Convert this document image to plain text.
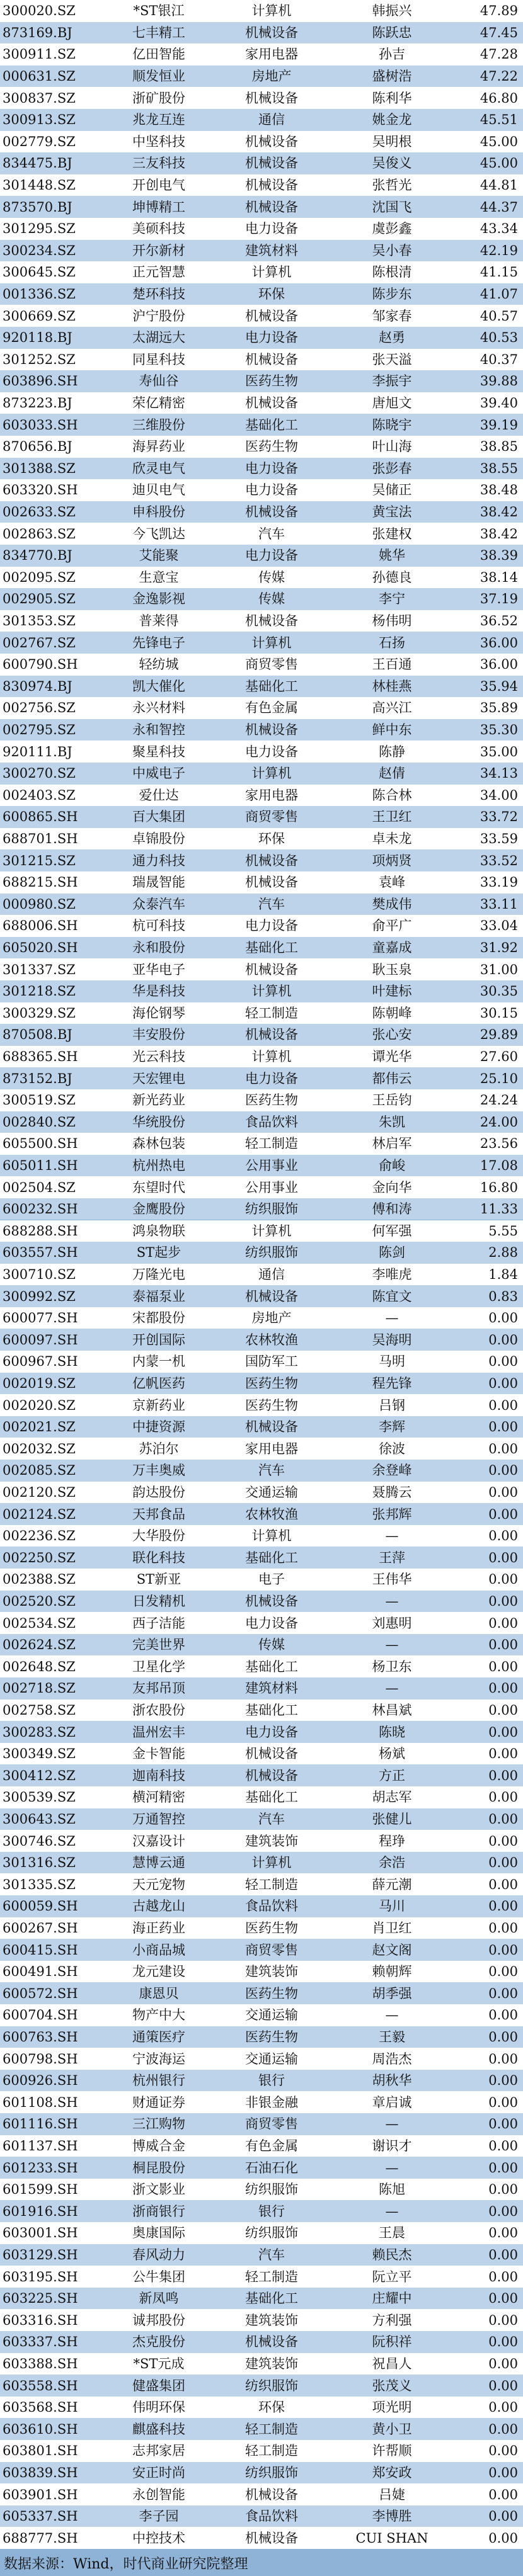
300020.SZ	*ST银江	计算机	韩振兴	47.89
873169.BJ	七丰精工	机械设备	陈跃忠	47.45
300911.SZ	亿田智能	家用电器	孙吉	47.28
000631.SZ	顺发恒业	房地产	盛树浩	47.22
300837.SZ	浙矿股份	机械设备	陈利华	46.80
300913.SZ	兆龙互连	通信	姚金龙	45.51
002779.SZ	中坚科技	机械设备	吴明根	45.00
834475.BJ	三友科技	机械设备	吴俊义	45.00
301448.SZ	开创电气	机械设备	张哲光	44.81
873570.BJ	坤博精工	机械设备	沈国飞	44.37
301295.SZ	美硕科技	电力设备	虞彭鑫	43.34
300234.SZ	开尔新材	建筑材料	吴小春	42.19
300645.SZ	正元智慧	计算机	陈根清	41.15
001336.SZ	楚环科技	环保	陈步东	41.07
300669.SZ	沪宁股份	机械设备	邹家春	40.57
920118.BJ	太湖远大	电力设备	赵勇	40.53
301252.SZ	同星科技	机械设备	张天溢	40.37
603896.SH	寿仙谷	医药生物	李振宇	39.88
873223.BJ	荣亿精密	机械设备	唐旭文	39.40
603033.SH	三维股份	基础化工	陈晓宇	39.19
870656.BJ	海昇药业	医药生物	叶山海	38.85
301388.SZ	欣灵电气	电力设备	张彭春	38.55
603320.SH	迪贝电气	电力设备	吴储正	38.48
002633.SZ	申科股份	机械设备	黄宝法	38.42
002863.SZ	今飞凯达	汽车	张建权	38.42
834770.BJ	艾能聚	电力设备	姚华	38.39
002095.SZ	生意宝	传媒	孙德良	38.14
002905.SZ	金逸影视	传媒	李宁	37.19
301353.SZ	普莱得	机械设备	杨伟明	36.52
002767.SZ	先锋电子	计算机	石扬	36.00
600790.SH	轻纺城	商贸零售	王百通	36.00
830974.BJ	凯大催化	基础化工	林桂燕	35.94
002756.SZ	永兴材料	有色金属	高兴江	35.89
002795.SZ	永和智控	机械设备	鲜中东	35.30
920111.BJ	聚星科技	电力设备	陈静	35.00
300270.SZ	中威电子	计算机	赵倩	34.13
002403.SZ	爱仕达	家用电器	陈合林	34.00
600865.SH	百大集团	商贸零售	王卫红	33.72
688701.SH	卓锦股份	环保	卓未龙	33.59
301215.SZ	通力科技	机械设备	项炳贤	33.52
688215.SH	瑞晟智能	机械设备	袁峰	33.19
000980.SZ	众泰汽车	汽车	樊成伟	33.11
688006.SH	杭可科技	电力设备	俞平广	33.04
605020.SH	永和股份	基础化工	童嘉成	31.92
301337.SZ	亚华电子	机械设备	耿玉泉	31.00
301218.SZ	华是科技	计算机	叶建标	30.35
300329.SZ	海伦钢琴	轻工制造	陈朝峰	30.15
870508.BJ	丰安股份	机械设备	张心安	29.89
688365.SH	光云科技	计算机	谭光华	27.60
873152.BJ	天宏锂电	电力设备	都伟云	25.10
300519.SZ	新光药业	医药生物	王岳钧	24.24
002840.SZ	华统股份	食品饮料	朱凯	24.00
605500.SH	森林包装	轻工制造	林启军	23.56
605011.SH	杭州热电	公用事业	俞峻	17.08
002504.SZ	东望时代	公用事业	金向华	16.80
600232.SH	金鹰股份	纺织服饰	傅和涛	11.33
688288.SH	鸿泉物联	计算机	何军强	5.55
603557.SH	ST起步	纺织服饰	陈剑	2.88
300710.SZ	万隆光电	通信	李唯虎	1.84
300992.SZ	泰福泵业	机械设备	陈宜文	0.83
600077.SH	宋都股份	房地产	—	0.00
600097.SH	开创国际	农林牧渔	吴海明	0.00
600967.SH	内蒙一机	国防军工	马明	0.00
002019.SZ	亿帆医药	医药生物	程先锋	0.00
002020.SZ	京新药业	医药生物	吕钢	0.00
002021.SZ	中捷资源	机械设备	李辉	0.00
002032.SZ	苏泊尔	家用电器	徐波	0.00
002085.SZ	万丰奥威	汽车	余登峰	0.00
002120.SZ	韵达股份	交通运输	聂腾云	0.00
002124.SZ	天邦食品	农林牧渔	张邦辉	0.00
002236.SZ	大华股份	计算机	—	0.00
002250.SZ	联化科技	基础化工	王萍	0.00
002388.SZ	ST新亚	电子	王伟华	0.00
002520.SZ	日发精机	机械设备	—	0.00
002534.SZ	西子洁能	电力设备	刘惠明	0.00
002624.SZ	完美世界	传媒	—	0.00
002648.SZ	卫星化学	基础化工	杨卫东	0.00
002718.SZ	友邦吊顶	建筑材料	—	0.00
002758.SZ	浙农股份	基础化工	林昌斌	0.00
300283.SZ	温州宏丰	电力设备	陈晓	0.00
300349.SZ	金卡智能	机械设备	杨斌	0.00
300412.SZ	迦南科技	机械设备	方正	0.00
300539.SZ	横河精密	基础化工	胡志军	0.00
300643.SZ	万通智控	汽车	张健儿	0.00
300746.SZ	汉嘉设计	建筑装饰	程琤	0.00
301316.SZ	慧博云通	计算机	余浩	0.00
301335.SZ	天元宠物	轻工制造	薛元潮	0.00
600059.SH	古越龙山	食品饮料	马川	0.00
600267.SH	海正药业	医药生物	肖卫红	0.00
600415.SH	小商品城	商贸零售	赵文阁	0.00
600491.SH	龙元建设	建筑装饰	赖朝辉	0.00
600572.SH	康恩贝	医药生物	胡季强	0.00
600704.SH	物产中大	交通运输	—	0.00
600763.SH	通策医疗	医药生物	王毅	0.00
600798.SH	宁波海运	交通运输	周浩杰	0.00
600926.SH	杭州银行	银行	胡秋华	0.00
601108.SH	财通证券	非银金融	章启诚	0.00
601116.SH	三江购物	商贸零售	—	0.00
601137.SH	博威合金	有色金属	谢识才	0.00
601233.SH	桐昆股份	石油石化	—	0.00
601599.SH	浙文影业	纺织服饰	陈旭	0.00
601916.SH	浙商银行	银行	—	0.00
603001.SH	奥康国际	纺织服饰	王晨	0.00
603129.SH	春风动力	汽车	赖民杰	0.00
603195.SH	公牛集团	轻工制造	阮立平	0.00
603225.SH	新凤鸣	基础化工	庄耀中	0.00
603316.SH	诚邦股份	建筑装饰	方利强	0.00
603337.SH	杰克股份	机械设备	阮积祥	0.00
603388.SH	*ST元成	建筑装饰	祝昌人	0.00
603558.SH	健盛集团	纺织服饰	张茂义	0.00
603568.SH	伟明环保	环保	项光明	0.00
603610.SH	麒盛科技	轻工制造	黄小卫	0.00
603801.SH	志邦家居	轻工制造	许帮顺	0.00
603839.SH	安正时尚	纺织服饰	郑安政	0.00
603901.SH	永创智能	机械设备	吕婕	0.00
605337.SH	李子园	食品饮料	李博胜	0.00
688777.SH	中控技术	机械设备	CUI SHAN	0.00
数据来源：Wind，时代商业研究院整理
